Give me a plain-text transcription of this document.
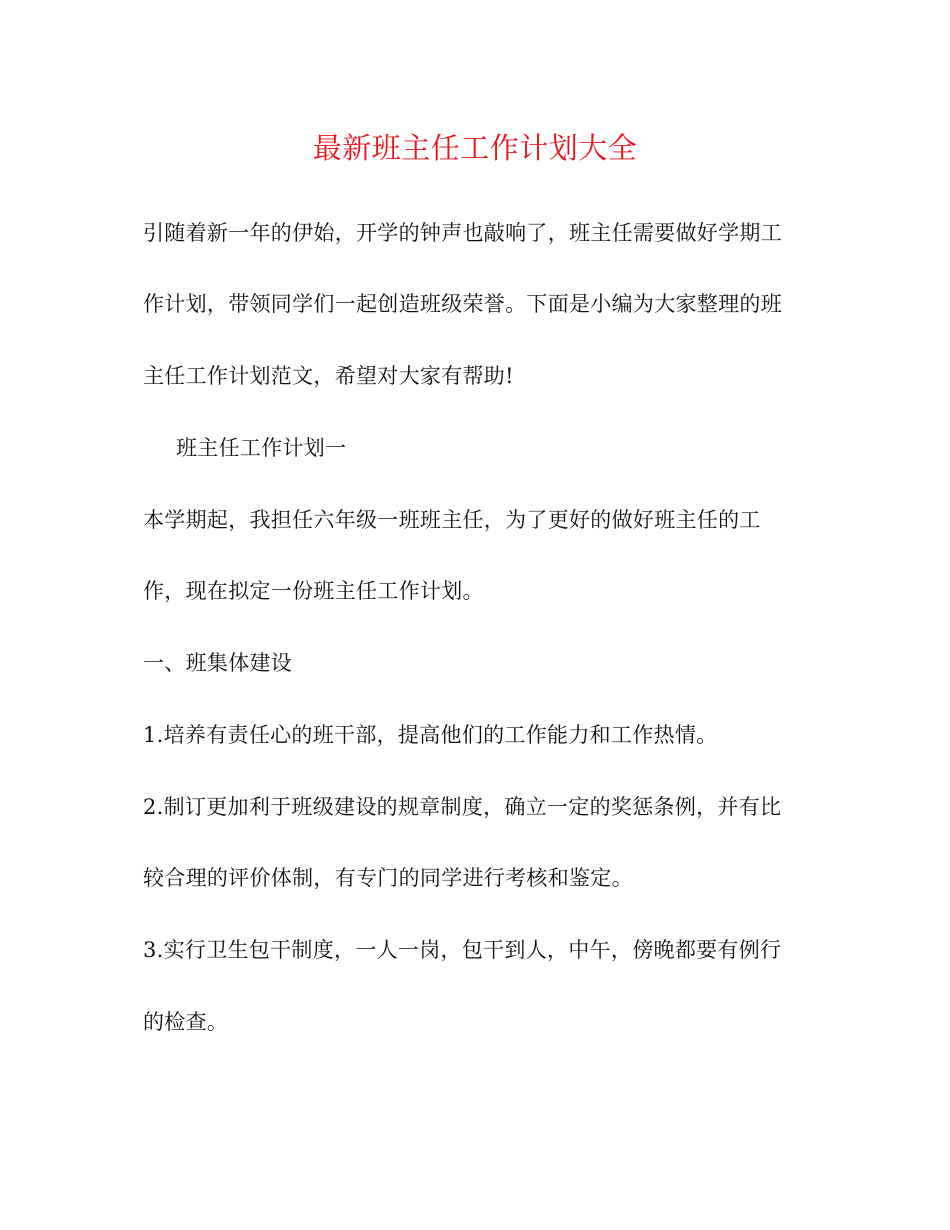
最新班主任工作计划大全
引随着新一年的伊始，开学的钟声也敲响了，班主任需要做好学期工
作计划，带领同学们一起创造班级荣誉。下面是小编为大家整理的班
主任工作计划范文，希望对大家有帮助!
班主任工作计划一
本学期起，我担任六年级一班班主任，为了更好的做好班主任的工
作，现在拟定一份班主任工作计划。
一、班集体建设
1.培养有责任心的班干部，提高他们的工作能力和工作热情。
2.制订更加利于班级建设的规章制度，确立一定的奖惩条例，并有比
较合理的评价体制，有专门的同学进行考核和鉴定。
3.实行卫生包干制度，一人一岗，包干到人，中午，傍晚都要有例行
的检查。
